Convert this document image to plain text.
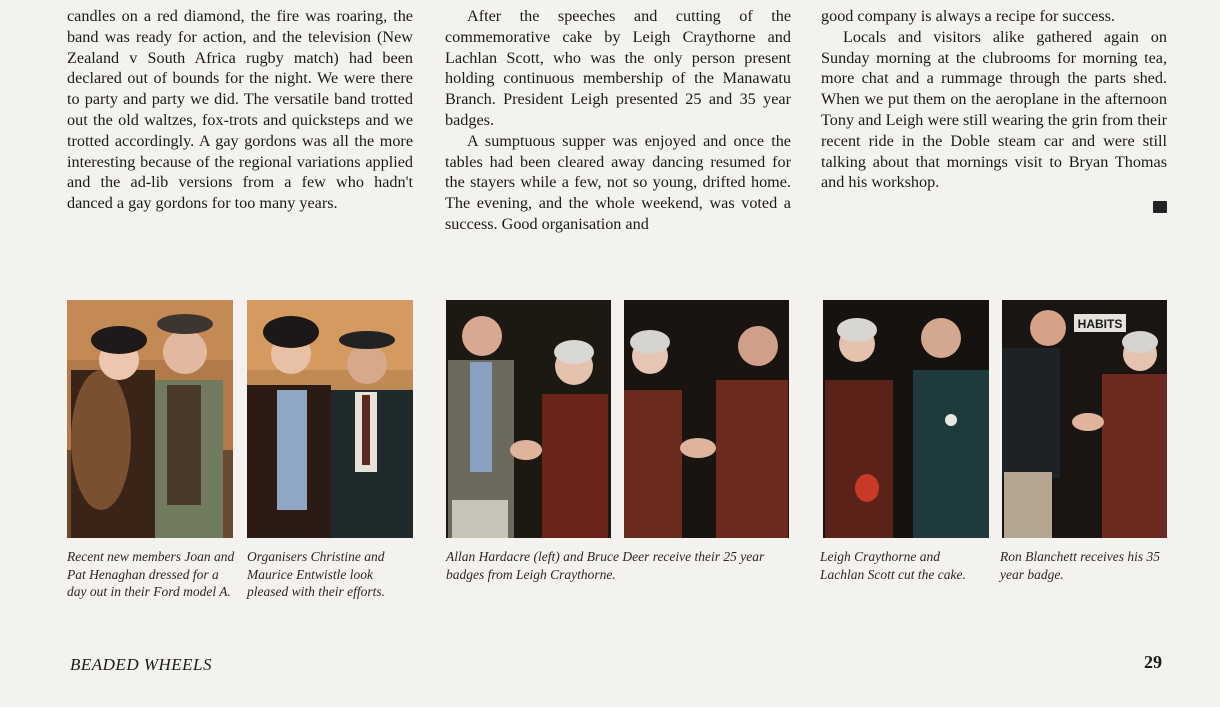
candles on a red diamond, the fire was roaring, the band was ready for action, and the television (New Zealand v South Africa rugby match) had been declared out of bounds for the night. We were there to party and party we did. The versatile band trotted out the old waltzes, fox-trots and quicksteps and we trotted accordingly. A gay gordons was all the more interesting because of the regional variations applied and the ad-lib versions from a few who hadn't danced a gay gordons for too many years.

After the speeches and cutting of the commemorative cake by Leigh Craythorne and Lachlan Scott, who was the only person present holding continuous membership of the Manawatu Branch. President Leigh presented 25 and 35 year badges.

A sumptuous supper was enjoyed and once the tables had been cleared away dancing resumed for the stayers while a few, not so young, drifted home. The evening, and the whole weekend, was voted a success. Good organisation and

good company is always a recipe for success.

Locals and visitors alike gathered again on Sunday morning at the clubrooms for morning tea, more chat and a rummage through the parts shed. When we put them on the aeroplane in the afternoon Tony and Leigh were still wearing the grin from their recent ride in the Doble steam car and were still talking about that mornings visit to Bryan Thomas and his workshop.

HABITS
Recent new members Joan and Pat Henaghan dressed for a day out in their Ford model A.
Organisers Christine and Maurice Entwistle look pleased with their efforts.
Allan Hardacre (left) and Bruce Deer receive their 25 year badges from Leigh Craythorne.
Leigh Craythorne and Lachlan Scott cut the cake.
Ron Blanchett receives his 35 year badge.
BEADED WHEELS	29
